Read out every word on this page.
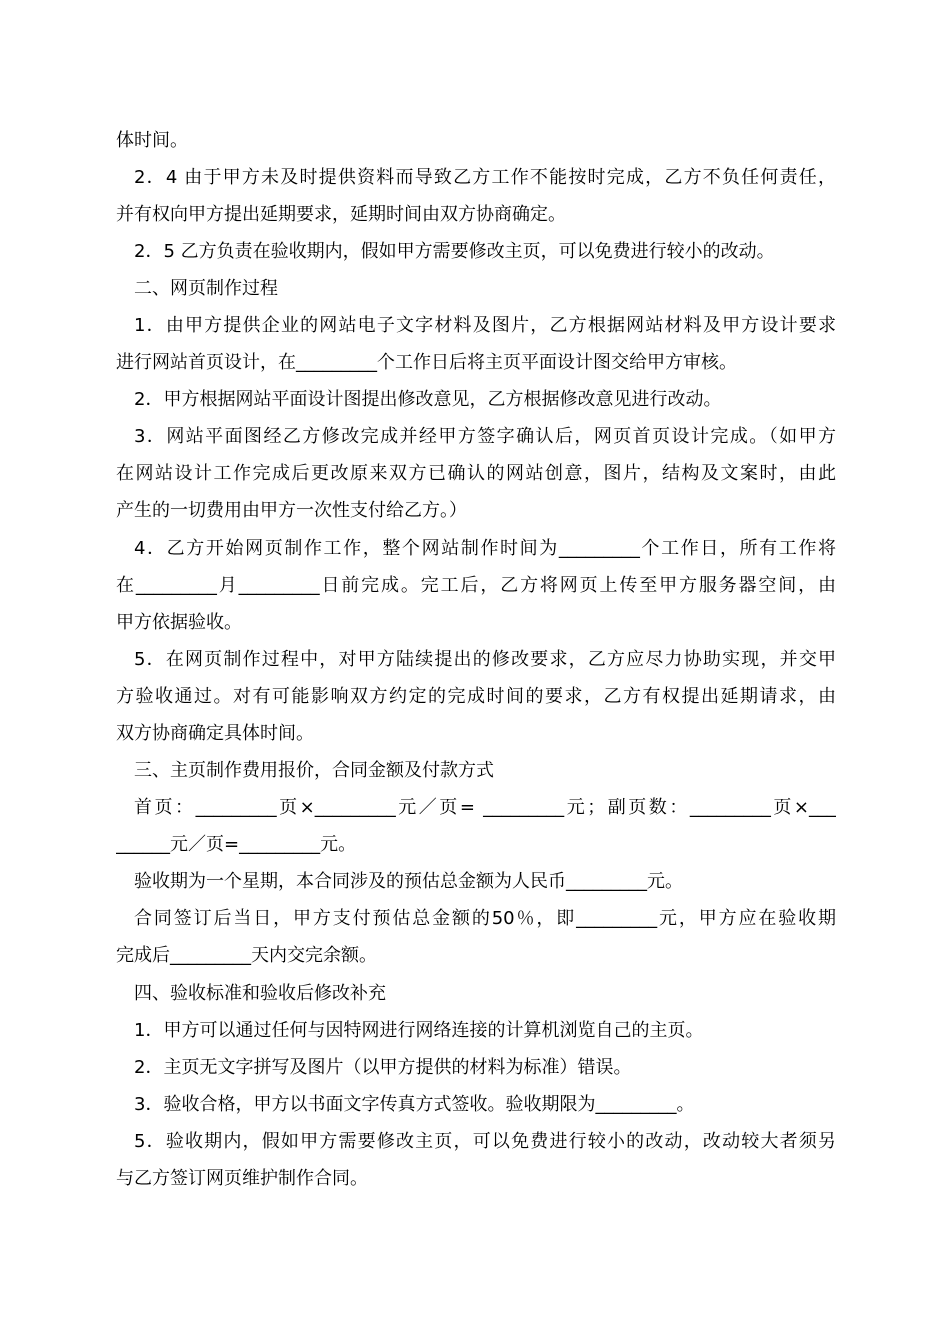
体时间。
2．4 由于甲方未及时提供资料而导致乙方工作不能按时完成，乙方不负任何责任，
并有权向甲方提出延期要求，延期时间由双方协商确定。
2．5 乙方负责在验收期内，假如甲方需要修改主页，可以免费进行较小的改动。
二、网页制作过程
1．由甲方提供企业的网站电子文字材料及图片，乙方根据网站材料及甲方设计要求
进行网站首页设计，在_________个工作日后将主页平面设计图交给甲方审核。
2．甲方根据网站平面设计图提出修改意见，乙方根据修改意见进行改动。
3．网站平面图经乙方修改完成并经甲方签字确认后，网页首页设计完成。（如甲方
在网站设计工作完成后更改原来双方已确认的网站创意，图片，结构及文案时，由此
产生的一切费用由甲方一次性支付给乙方。）
4．乙方开始网页制作工作，整个网站制作时间为_________个工作日，所有工作将
在_________月_________日前完成。完工后，乙方将网页上传至甲方服务器空间，由
甲方依据验收。
5．在网页制作过程中，对甲方陆续提出的修改要求，乙方应尽力协助实现，并交甲
方验收通过。对有可能影响双方约定的完成时间的要求，乙方有权提出延期请求，由
双方协商确定具体时间。
三、主页制作费用报价，合同金额及付款方式
首页：_________页×_________元／页= _________元；副页数：_________页×___
______元／页=_________元。
验收期为一个星期，本合同涉及的预估总金额为人民币_________元。
合同签订后当日，甲方支付预估总金额的50％，即_________元，甲方应在验收期
完成后_________天内交完余额。
四、验收标准和验收后修改补充
1．甲方可以通过任何与因特网进行网络连接的计算机浏览自己的主页。
2．主页无文字拼写及图片（以甲方提供的材料为标准）错误。
3．验收合格，甲方以书面文字传真方式签收。验收期限为_________。
5．验收期内，假如甲方需要修改主页，可以免费进行较小的改动，改动较大者须另
与乙方签订网页维护制作合同。
